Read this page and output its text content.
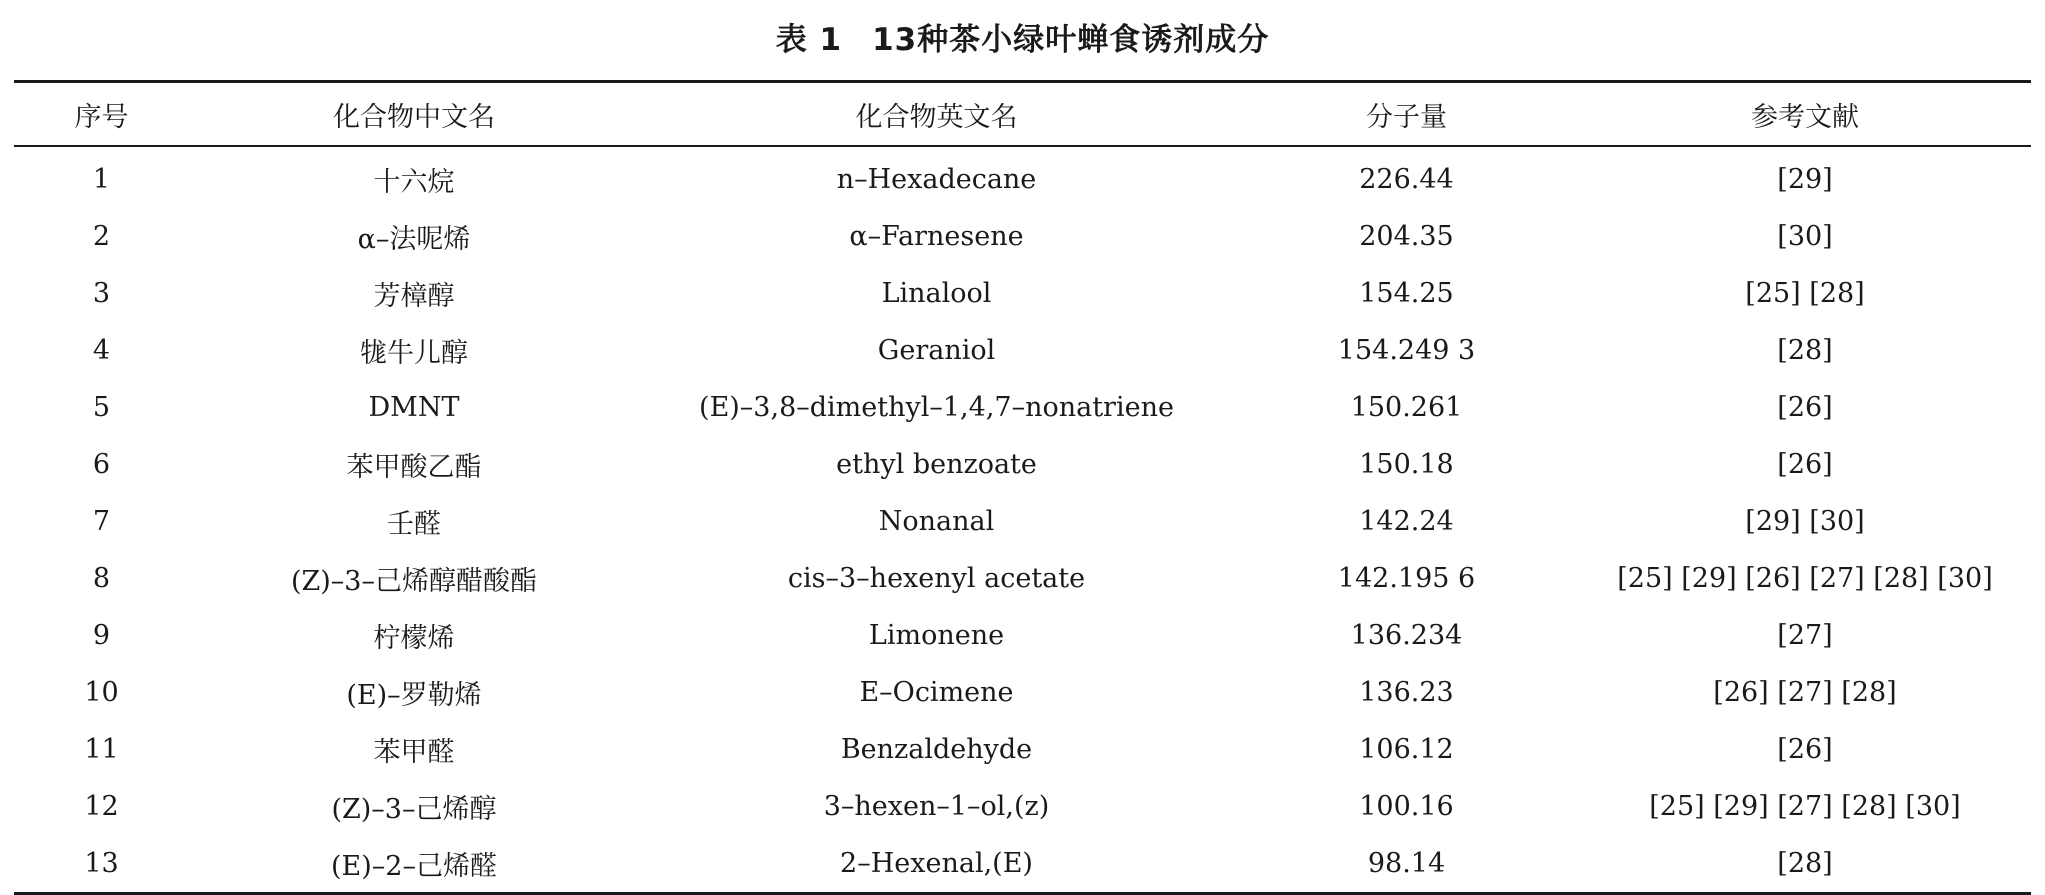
表 1 13种茶小绿叶蝉食诱剂成分
序号	化合物中文名	化合物英文名	分子量	参考文献
1	十六烷	n–Hexadecane	226.44	[29]
2	α–法呢烯	α–Farnesene	204.35	[30]
3	芳樟醇	Linalool	154.25	[25] [28]
4	牻牛儿醇	Geraniol	154.249 3	[28]
5	DMNT	(E)–3,8–dimethyl–1,4,7–nonatriene	150.261	[26]
6	苯甲酸乙酯	ethyl benzoate	150.18	[26]
7	壬醛	Nonanal	142.24	[29] [30]
8	(Z)–3–己烯醇醋酸酯	cis–3–hexenyl acetate	142.195 6	[25] [29] [26] [27] [28] [30]
9	柠檬烯	Limonene	136.234	[27]
10	(E)–罗勒烯	E–Ocimene	136.23	[26] [27] [28]
11	苯甲醛	Benzaldehyde	106.12	[26]
12	(Z)–3–己烯醇	3–hexen–1–ol,(z)	100.16	[25] [29] [27] [28] [30]
13	(E)–2–己烯醛	2–Hexenal,(E)	98.14	[28]
